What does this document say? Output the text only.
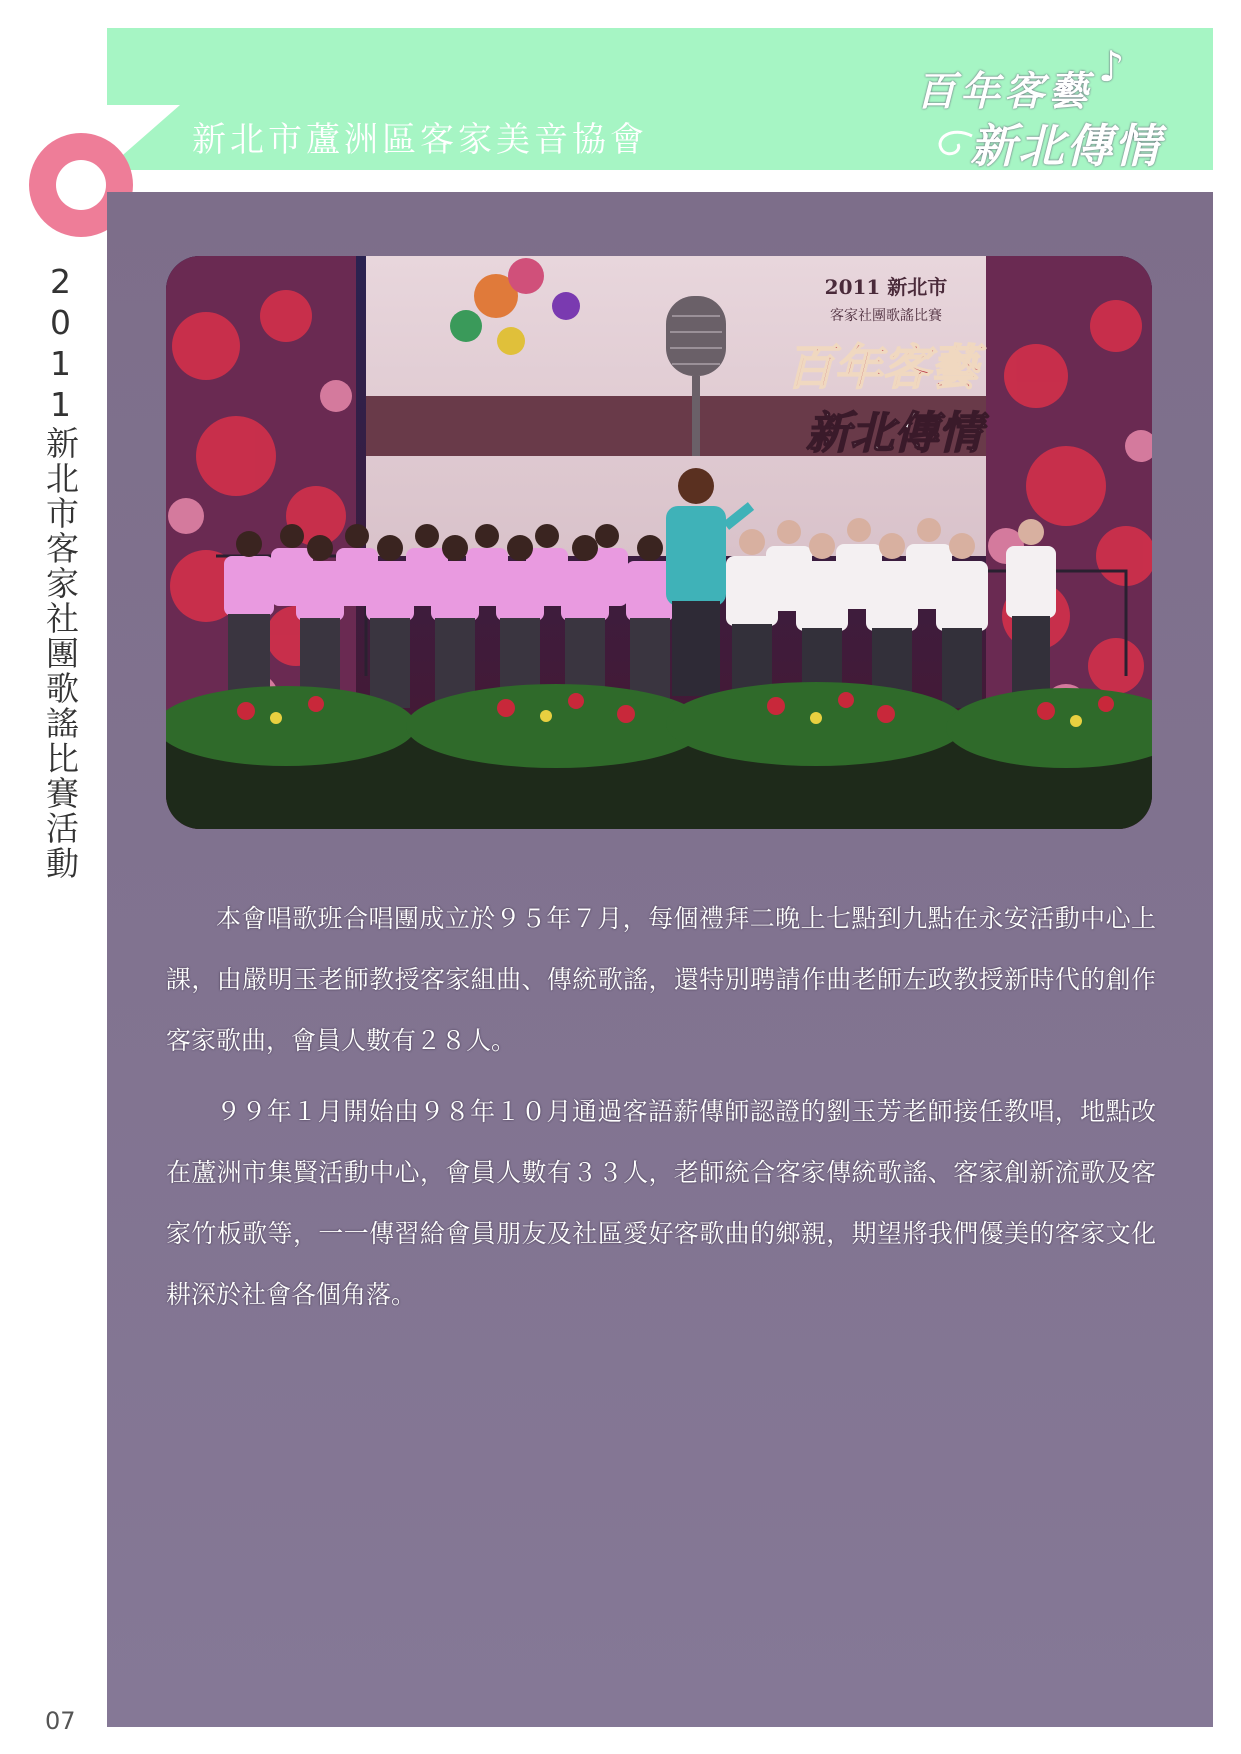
新北市蘆洲區客家美音協會
百年客藝
♪
新北傳情
2011新北市客家社團歌謠比賽活動
07
2011 新北市
客家社團歌謠比賽
百年客藝
新北傳情

本會唱歌班合唱團成立於９５年７月，每個禮拜二晚上七點到九點在永安活動中心上課，由嚴明玉老師教授客家組曲、傳統歌謠，還特別聘請作曲老師左政教授新時代的創作客家歌曲，會員人數有２８人。

９９年１月開始由９８年１０月通過客語薪傳師認證的劉玉芳老師接任教唱，地點改在蘆洲市集賢活動中心，會員人數有３３人，老師統合客家傳統歌謠、客家創新流歌及客家竹板歌等，一一傳習給會員朋友及社區愛好客歌曲的鄉親，期望將我們優美的客家文化耕深於社會各個角落。
